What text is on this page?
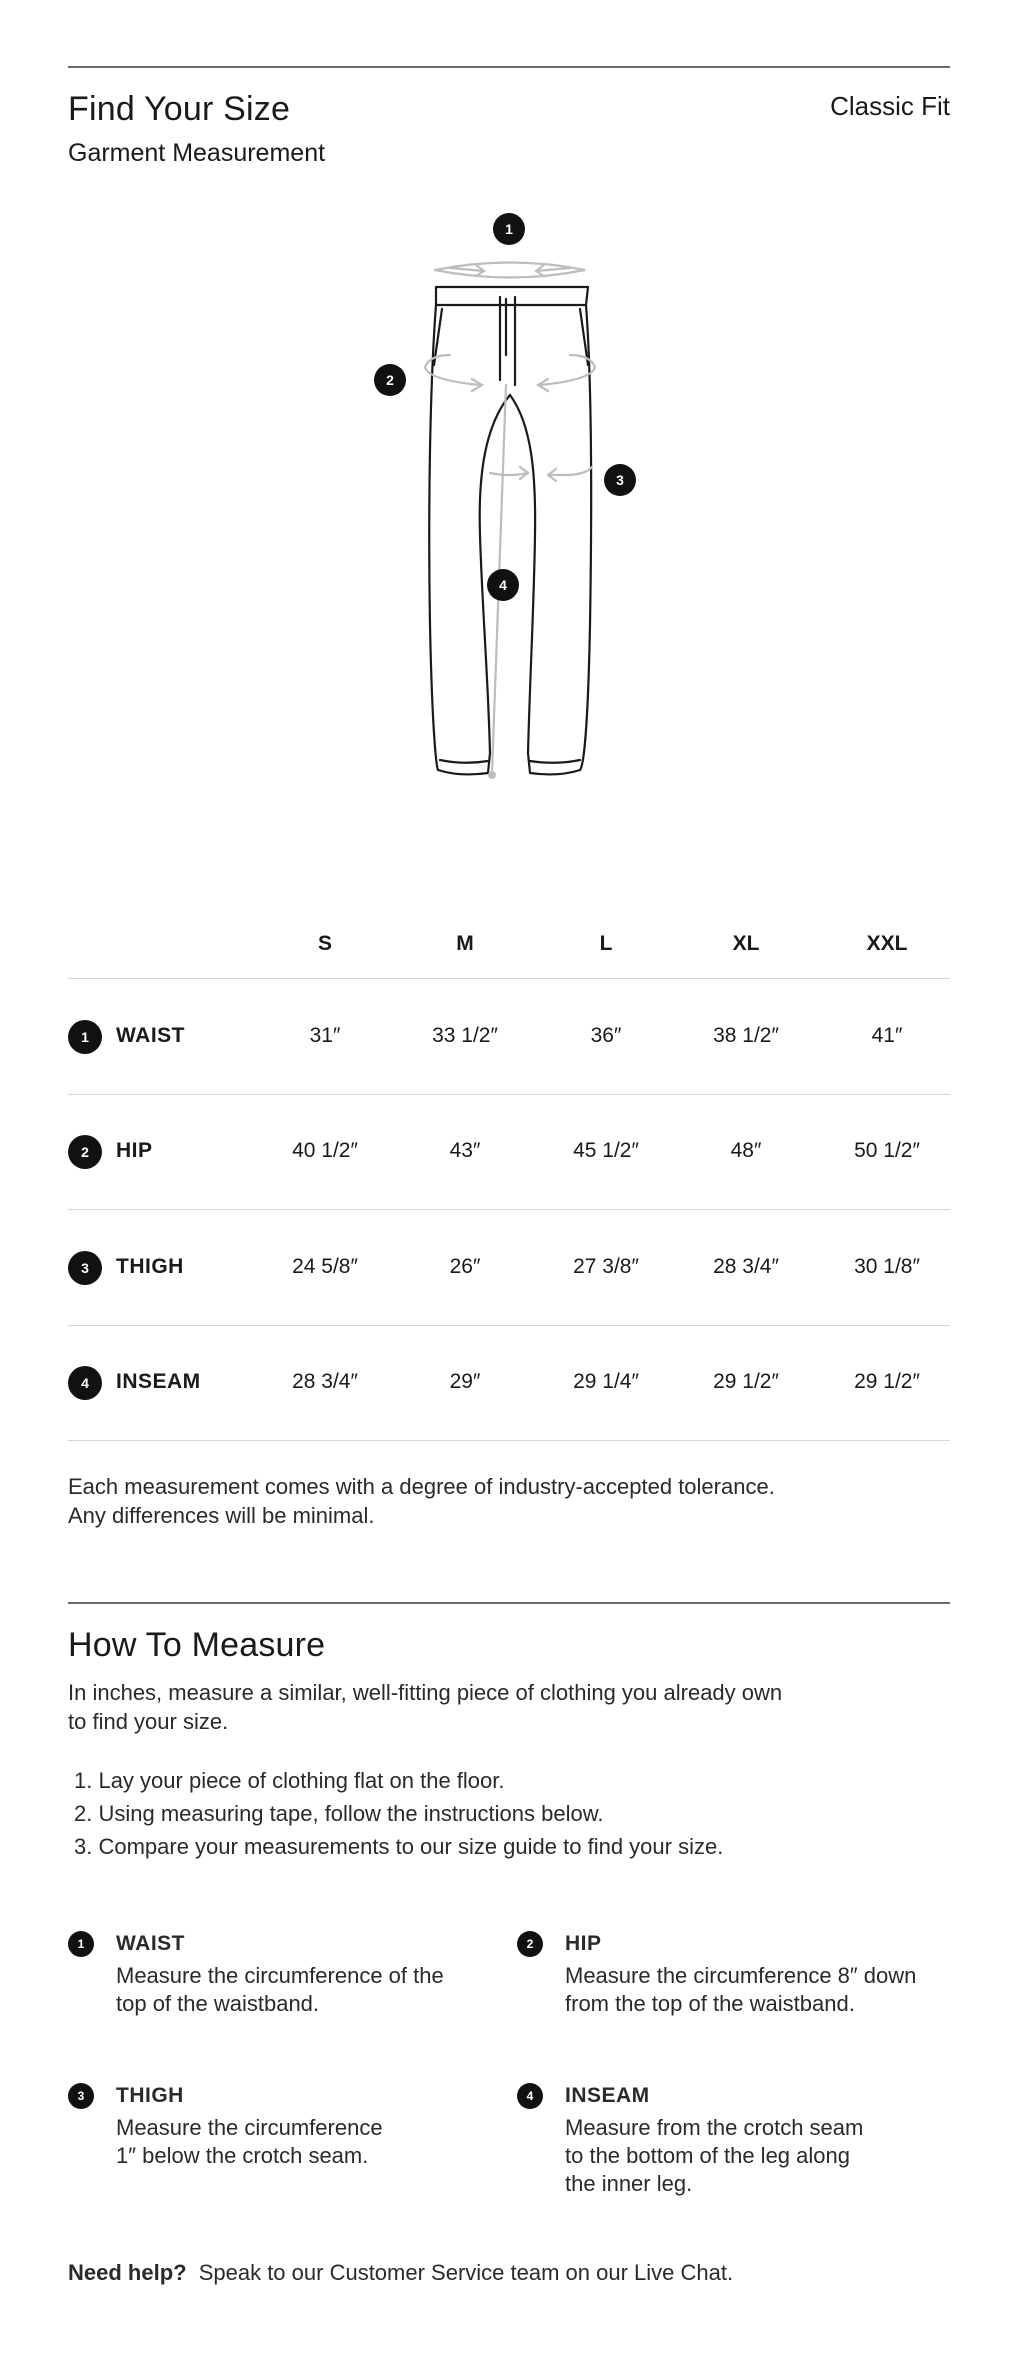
Find Your Size
Garment Measurement
Classic Fit
1
2
3
4
S	M	L	XL	XXL
1	WAIST	31″	33 1/2″	36″	38 1/2″	41″
2	HIP	40 1/2″	43″	45 1/2″	48″	50 1/2″
3	THIGH	24 5/8″	26″	27 3/8″	28 3/4″	30 1/8″
4	INSEAM	28 3/4″	29″	29 1/4″	29 1/2″	29 1/2″
Each measurement comes with a degree of industry-accepted tolerance.
Any differences will be minimal.
How To Measure
In inches, measure a similar, well-fitting piece of clothing you already own
to find your size.
1. Lay your piece of clothing flat on the floor.
2. Using measuring tape, follow the instructions below.
3. Compare your measurements to our size guide to find your size.
1	WAIST
Measure the circumference of the
top of the waistband.
2	HIP
Measure the circumference 8″ down
from the top of the waistband.
3	THIGH
Measure the circumference
1″ below the crotch seam.
4	INSEAM
Measure from the crotch seam
to the bottom of the leg along
the inner leg.
Need help? Speak to our Customer Service team on our Live Chat.
